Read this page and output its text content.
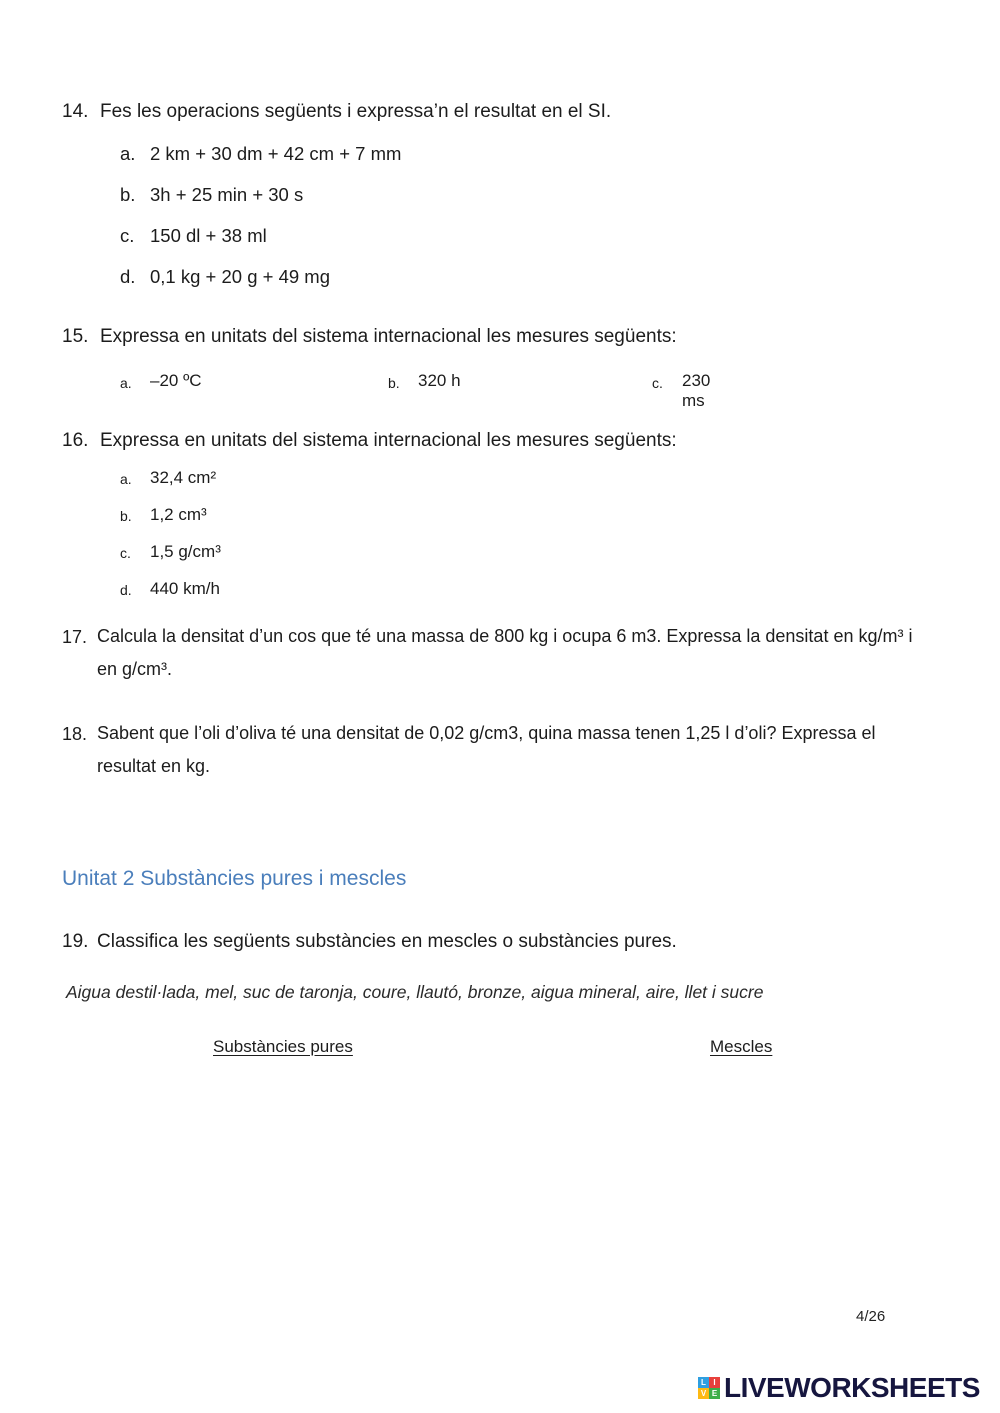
14. Fes les operacions següents i expressa’n el resultat en el SI.
a. 2 km + 30 dm + 42 cm + 7 mm
b. 3h + 25 min + 30 s
c. 150 dl + 38 ml
d. 0,1 kg + 20 g + 49 mg
15. Expressa en unitats del sistema internacional les mesures següents:
a.	–20 ºC	b.	320 h	c.	230 ms
16. Expressa en unitats del sistema internacional les mesures següents:
a.	32,4 cm²
b.	1,2 cm³
c.	1,5 g/cm³
d.	440 km/h
17. Calcula la densitat d’un cos que té una massa de 800 kg i ocupa 6 m3. Expressa la densitat en kg/m³ i en g/cm³.

18. Sabent que l’oli d’oliva té una densitat de 0,02 g/cm3, quina massa tenen 1,25 l d’oli? Expressa el resultat en kg.

Unitat 2 Substàncies pures i mescles
19. Classifica les següents substàncies en mescles o substàncies pures.
Aigua destil·lada, mel, suc de taronja, coure, llautó, bronze, aigua mineral, aire, llet i sucre
Substàncies pures	Mescles
4/26
L I
V E LIVEWORKSHEETS
